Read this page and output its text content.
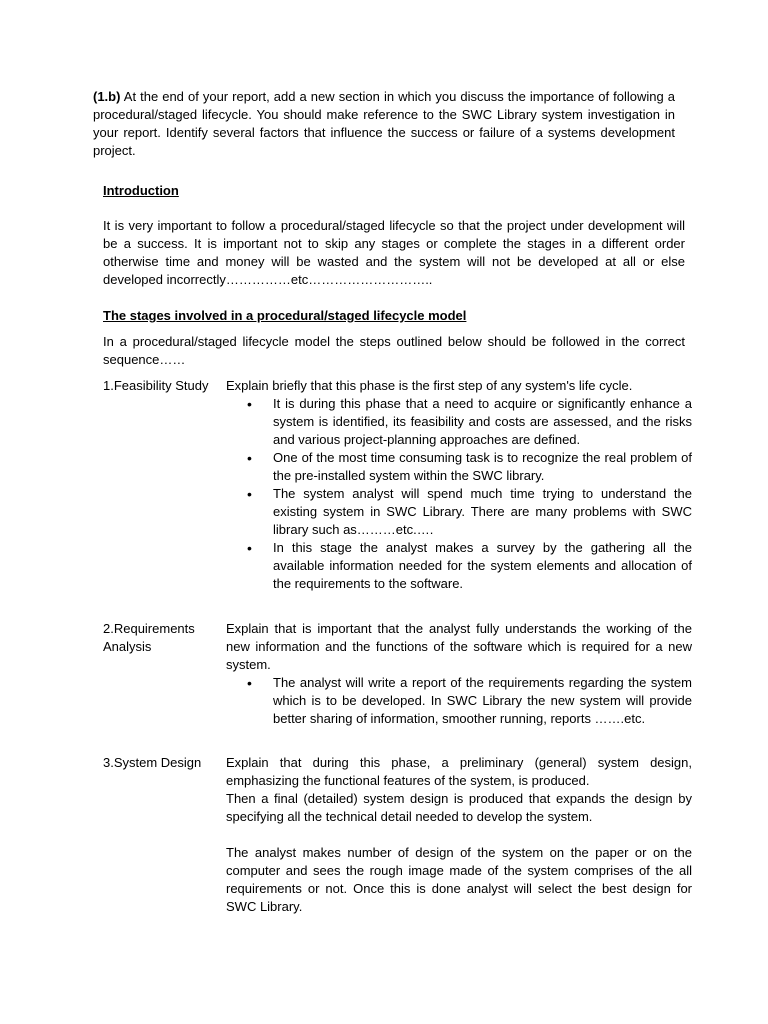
(1.b) At the end of your report, add a new section in which you discuss the importance of following a procedural/staged lifecycle. You should make reference to the SWC Library system investigation in your report. Identify several factors that influence the success or failure of a systems development project.

Introduction

It is very important to follow a procedural/staged lifecycle so that the project under development will be a success. It is important not to skip any stages or complete the stages in a different order otherwise time and money will be wasted and the system will not be developed at all or else developed incorrectly……………etc………………………..

The stages involved in a procedural/staged lifecycle model

In a procedural/staged lifecycle model the steps outlined below should be followed in the correct sequence……

1.Feasibility Study	Explain briefly that this phase is the first step of any system's life cycle.

• It is during this phase that a need to acquire or significantly enhance a system is identified, its feasibility and costs are assessed, and the risks and various project-planning approaches are defined.
• One of the most time consuming task is to recognize the real problem of the pre-installed system within the SWC library.
• The system analyst will spend much time trying to understand the existing system in SWC Library. There are many problems with SWC library such as………etc.….
• In this stage the analyst makes a survey by the gathering all the available information needed for the system elements and allocation of the requirements to the software.
2.Requirements Analysis

Explain that is important that the analyst fully understands the working of the new information and the functions of the software which is required for a new system.

• The analyst will write a report of the requirements regarding the system which is to be developed. In SWC Library the new system will provide better sharing of information, smoother running, reports …….etc.
3.System Design	Explain that during this phase, a preliminary (general) system design, emphasizing the functional features of the system, is produced.

Then a final (detailed) system design is produced that expands the design by specifying all the technical detail needed to develop the system.

The analyst makes number of design of the system on the paper or on the computer and sees the rough image made of the system comprises of the all requirements or not. Once this is done analyst will select the best design for SWC Library.
